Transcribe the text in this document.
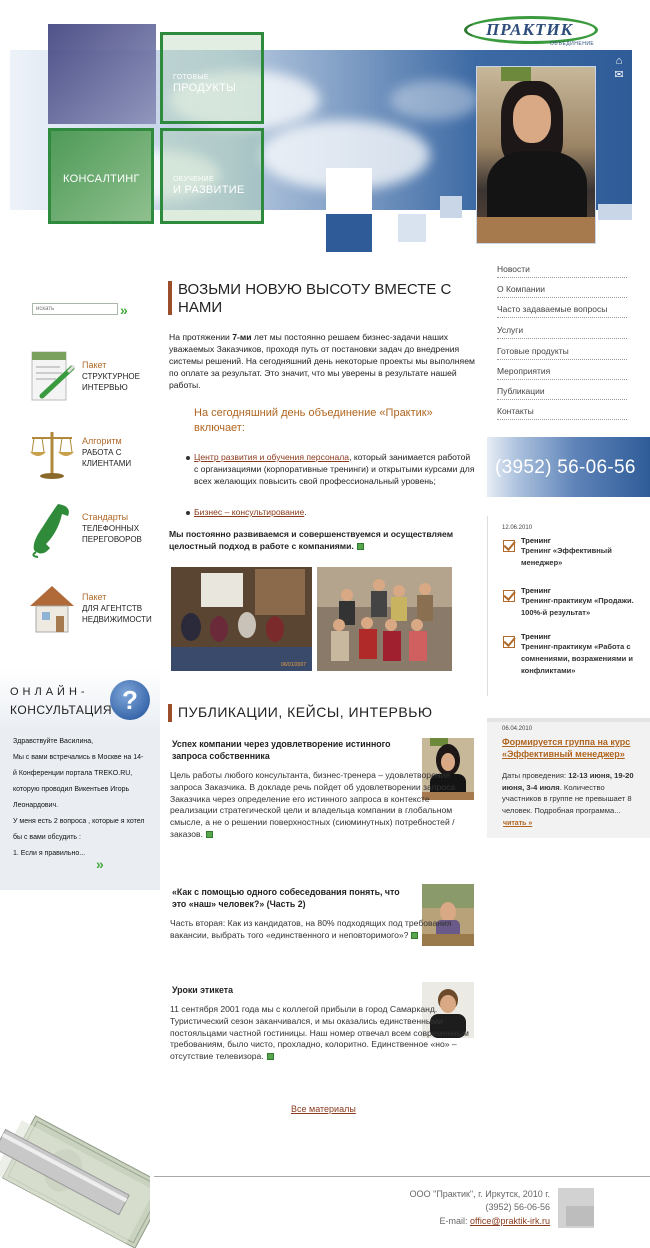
ГОТОВЫЕ
ПРОДУКТЫ
КОНСАЛТИНГ	ОБУЧЕНИЕ
И РАЗВИТИЕ
ПРАКТИК
ОБЪЕДИНЕНИЕ
⌂
✉
искать	»
Пакет
СТРУКТУРНОЕ ИНТЕРВЬЮ
Алгоритм
РАБОТА С КЛИЕНТАМИ
Стандарты
ТЕЛЕФОННЫХ ПЕРЕГОВОРОВ
Пакет
ДЛЯ АГЕНТСТВ НЕДВИЖИМОСТИ
ОНЛАЙН-
КОНСУЛЬТАЦИЯ ?
Здравствуйте Василина,
Мы с вами встречались в Москве на 14-й Конференции портала TREKO.RU, которую проводил Викентьев Игорь Леонардович.
У меня есть 2 вопроса , которые я хотел бы с вами обсудить :
1. Если я правильно...
»
ВОЗЬМИ НОВУЮ ВЫСОТУ ВМЕСТЕ С НАМИ
На протяжении 7-ми лет мы постоянно решаем бизнес-задачи наших уважаемых Заказчиков, проходя путь от постановки задач до внедрения системы решений. На сегодняшний день некоторые проекты мы выполняем по оплате за результат. Это значит, что мы уверены в результате нашей работы.
На сегодняшний день объединение «Практик» включает:
Центр развития и обучения персонала, который занимается работой с организациями (корпоративные тренинги) и открытыми курсами для всех желающих повысить свой профессиональный уровень;
Бизнес – консультирование.
Мы постоянно развиваемся и совершенствуемся и осуществляем целостный подход в работе с компаниями.
06/01/2007
ПУБЛИКАЦИИ, КЕЙСЫ, ИНТЕРВЬЮ
Успех компании через удовлетворение истинного запроса собственника
Цель работы любого консультанта, бизнес-тренера – удовлетворение запроса Заказчика. В докладе речь пойдет об удовлетворении запроса Заказчика через определение его истинного запроса в контексте реализации стратегической цели и владельца компании в глобальном смысле, а не о решении поверхностных (сиюминутных) потребностей / заказов.
«Как с помощью одного собеседования понять, что это «наш» человек?» (Часть 2)
Часть вторая: Как из кандидатов, на 80% подходящих под требования вакансии, выбрать того «единственного и неповторимого»?
Уроки этикета
11 сентября 2001 года мы с коллегой прибыли в город Самарканд. Туристический сезон заканчивался, и мы оказались единственными постояльцами частной гостиницы. Наш номер отвечал всем современным требованиям, было чисто, прохладно, колоритно. Единственное «но» – отсутствие телевизора.
Все материалы
Новости
О Компании
Часто задаваемые вопросы
Услуги
Готовые продукты
Мероприятия
Публикации
Контакты
(3952) 56-06-56
12.06.2010
Тренинг
Тренинг «Эффективный менеджер»
Тренинг
Тренинг-практикум «Продажи. 100%-й результат»
Тренинг
Тренинг-практикум «Работа с сомнениями, возражениями и конфликтами»
06.04.2010
Формируется группа на курс «Эффективный менеджер»
Даты проведения: 12-13 июня, 19-20 июня, 3-4 июля. Количество участников в группе не превышает 8 человек. Подробная программа...
читать »
ООО "Практик", г. Иркутск, 2010 г.
(3952) 56-06-56
E-mail: office@praktik-irk.ru
